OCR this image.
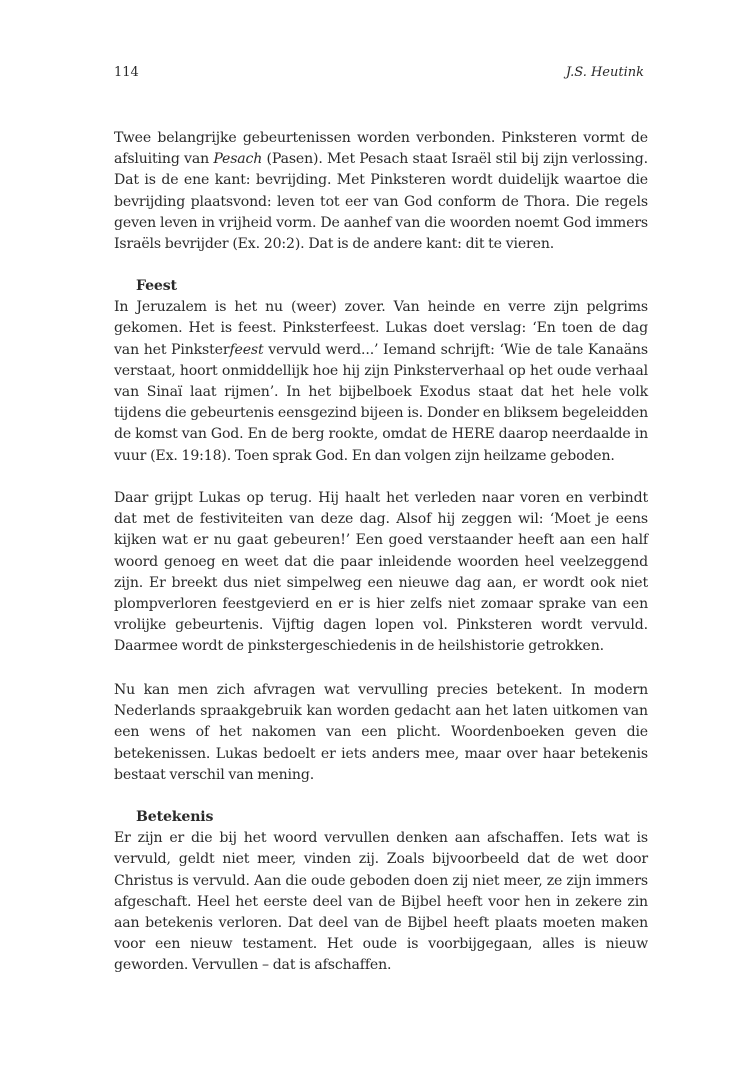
114	J.S. Heutink

Twee belangrijke gebeurtenissen worden verbonden. Pinksteren vormt de afsluiting van Pesach (Pasen). Met Pesach staat Israël stil bij zijn verlossing. Dat is de ene kant: bevrijding. Met Pinksteren wordt duidelijk waartoe die bevrijding plaatsvond: leven tot eer van God conform de Thora. Die regels geven leven in vrijheid vorm. De aanhef van die woorden noemt God immers Israëls bevrijder (Ex. 20:2). Dat is de andere kant: dit te vieren.

Feest

In Jeruzalem is het nu (weer) zover. Van heinde en verre zijn pelgrims gekomen. Het is feest. Pinksterfeest. Lukas doet verslag: ‘En toen de dag van het Pinksterfeest vervuld werd...’ Iemand schrijft: ‘Wie de tale Kanaäns verstaat, hoort onmiddellijk hoe hij zijn Pinksterverhaal op het oude verhaal van Sinaï laat rijmen’. In het bijbelboek Exodus staat dat het hele volk tijdens die gebeurtenis eensgezind bijeen is. Donder en bliksem begeleidden de komst van God. En de berg rookte, omdat de HERE daarop neerdaalde in vuur (Ex. 19:18). Toen sprak God. En dan volgen zijn heilzame geboden.

Daar grijpt Lukas op terug. Hij haalt het verleden naar voren en verbindt dat met de festiviteiten van deze dag. Alsof hij zeggen wil: ‘Moet je eens kijken wat er nu gaat gebeuren!’ Een goed verstaander heeft aan een half woord genoeg en weet dat die paar inleidende woorden heel veelzeggend zijn. Er breekt dus niet simpelweg een nieuwe dag aan, er wordt ook niet plompverloren feestgevierd en er is hier zelfs niet zomaar sprake van een vrolijke gebeurtenis. Vijftig dagen lopen vol. Pinksteren wordt vervuld. Daarmee wordt de pinkstergeschiedenis in de heilshistorie getrokken.

Nu kan men zich afvragen wat vervulling precies betekent. In modern Nederlands spraakgebruik kan worden gedacht aan het laten uitkomen van een wens of het nakomen van een plicht. Woordenboeken geven die betekenissen. Lukas bedoelt er iets anders mee, maar over haar betekenis bestaat verschil van mening.

Betekenis

Er zijn er die bij het woord vervullen denken aan afschaffen. Iets wat is vervuld, geldt niet meer, vinden zij. Zoals bijvoorbeeld dat de wet door Christus is vervuld. Aan die oude geboden doen zij niet meer, ze zijn immers afgeschaft. Heel het eerste deel van de Bijbel heeft voor hen in zekere zin aan betekenis verloren. Dat deel van de Bijbel heeft plaats moeten maken voor een nieuw testament. Het oude is voorbijgegaan, alles is nieuw geworden. Vervullen – dat is afschaffen.
